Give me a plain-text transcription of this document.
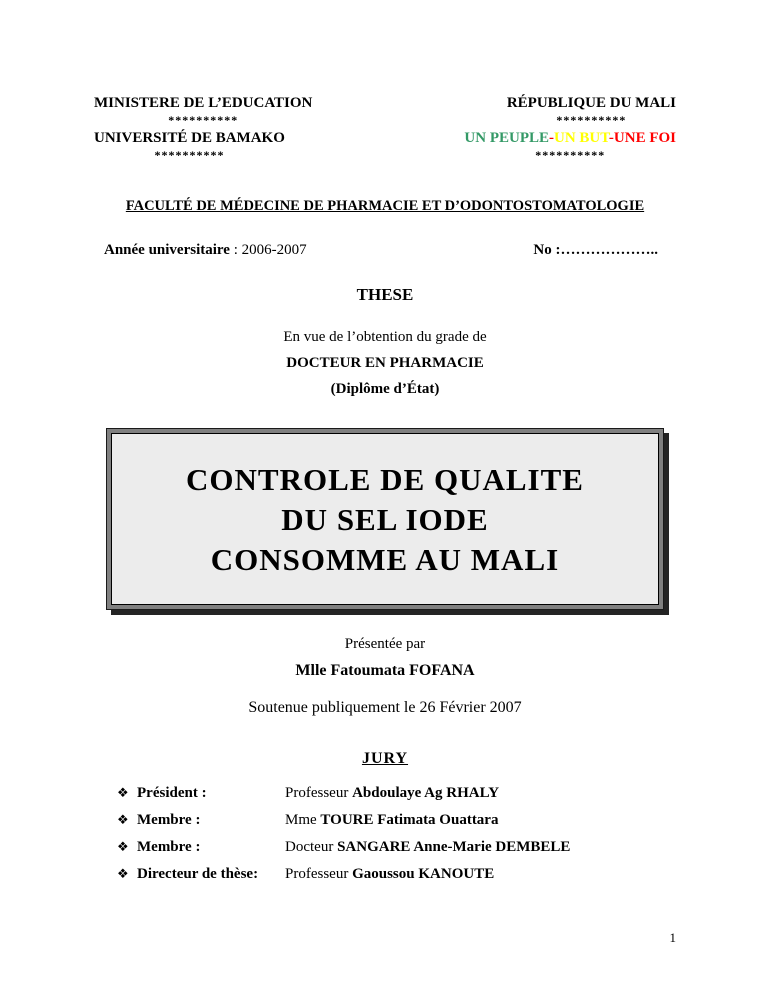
MINISTERE DE L’EDUCATION
**********
UNIVERSITÉ DE BAMAKO
**********
RÉPUBLIQUE DU MALI
**********
UN PEUPLE-UN BUT-UNE FOI
**********
FACULTÉ DE MÉDECINE DE PHARMACIE ET D’ODONTOSTOMATOLOGIE
Année universitaire : 2006-2007	No :………………..
THESE
En vue de l’obtention du grade de
DOCTEUR EN PHARMACIE
(Diplôme d’État)
CONTROLE DE QUALITE
DU SEL IODE
CONSOMME AU MALI
Présentée par
Mlle Fatoumata FOFANA
Soutenue publiquement le 26 Février 2007
JURY
❖ Président :	Professeur Abdoulaye Ag RHALY
❖ Membre :	Mme TOURE Fatimata Ouattara
❖ Membre :	Docteur SANGARE Anne-Marie DEMBELE
❖ Directeur de thèse:	Professeur Gaoussou KANOUTE
1
